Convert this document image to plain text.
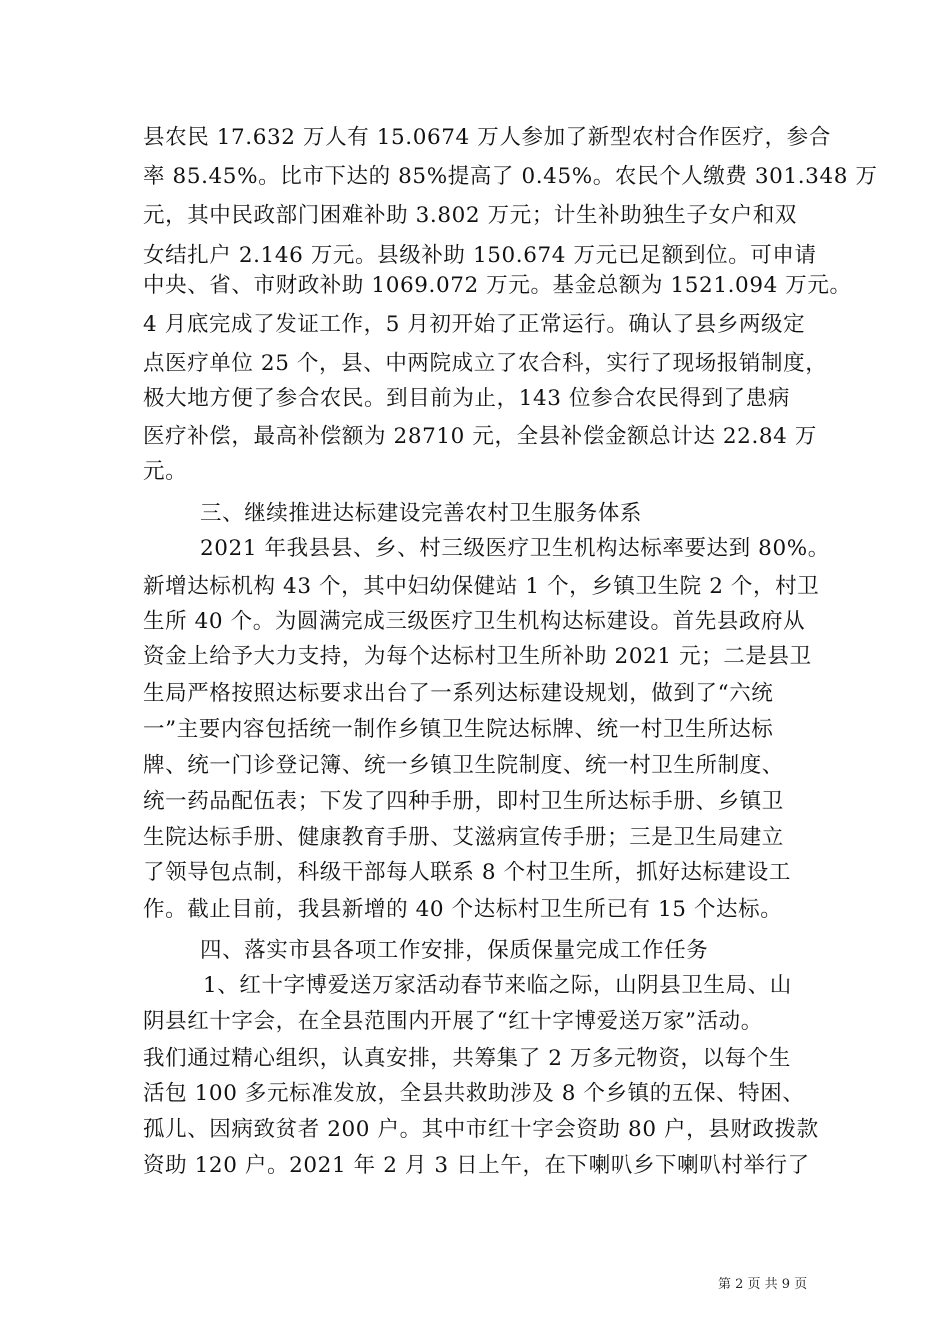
县农民 17.632 万人有 15.0674 万人参加了新型农村合作医疗，参合
率 85.45%。比市下达的 85%提高了 0.45%。农民个人缴费 301.348 万
元，其中民政部门困难补助 3.802 万元；计生补助独生子女户和双
女结扎户 2.146 万元。县级补助 150.674 万元已足额到位。可申请
中央、省、市财政补助 1069.072 万元。基金总额为 1521.094 万元。
4 月底完成了发证工作，5 月初开始了正常运行。确认了县乡两级定
点医疗单位 25 个，县、中两院成立了农合科，实行了现场报销制度，
极大地方便了参合农民。到目前为止，143 位参合农民得到了患病
医疗补偿，最高补偿额为 28710 元，全县补偿金额总计达 22.84 万
元。
三、继续推进达标建设完善农村卫生服务体系
2021 年我县县、乡、村三级医疗卫生机构达标率要达到 80%。
新增达标机构 43 个，其中妇幼保健站 1 个，乡镇卫生院 2 个，村卫
生所 40 个。为圆满完成三级医疗卫生机构达标建设。首先县政府从
资金上给予大力支持，为每个达标村卫生所补助 2021 元；二是县卫
生局严格按照达标要求出台了一系列达标建设规划，做到了“六统
一”主要内容包括统一制作乡镇卫生院达标牌、统一村卫生所达标
牌、统一门诊登记簿、统一乡镇卫生院制度、统一村卫生所制度、
统一药品配伍表；下发了四种手册，即村卫生所达标手册、乡镇卫
生院达标手册、健康教育手册、艾滋病宣传手册；三是卫生局建立
了领导包点制，科级干部每人联系 8 个村卫生所，抓好达标建设工
作。截止目前，我县新增的 40 个达标村卫生所已有 15 个达标。
四、落实市县各项工作安排，保质保量完成工作任务
1、红十字博爱送万家活动春节来临之际，山阴县卫生局、山
阴县红十字会，在全县范围内开展了“红十字博爱送万家”活动。
我们通过精心组织，认真安排，共筹集了 2 万多元物资，以每个生
活包 100 多元标准发放，全县共救助涉及 8 个乡镇的五保、特困、
孤儿、因病致贫者 200 户。其中市红十字会资助 80 户，县财政拨款
资助 120 户。2021 年 2 月 3 日上午，在下喇叭乡下喇叭村举行了
第 2 页 共 9 页
